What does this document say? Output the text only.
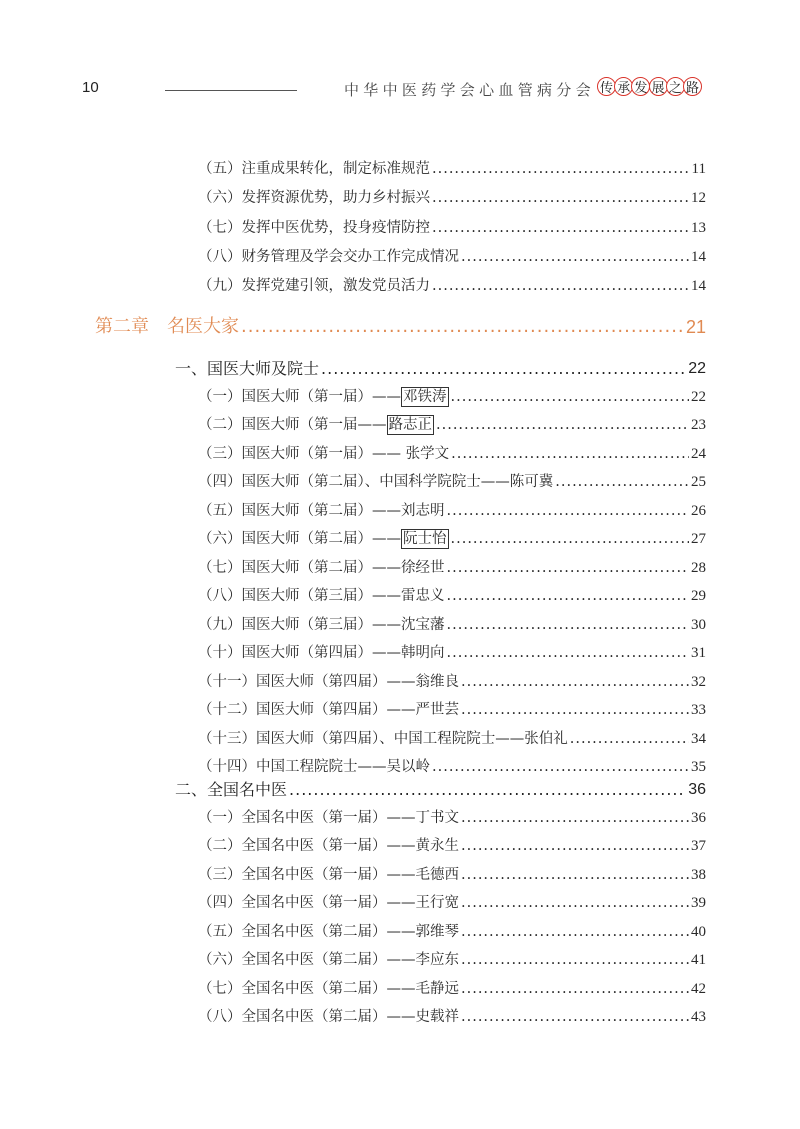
10	中华中医药学会心血管病分会 传 承 发 展 之 路
（五）注重成果转化，制定标准规范 .....	11
（六）发挥资源优势，助力乡村振兴 .....	12
（七）发挥中医优势，投身疫情防控 .....	13
（八）财务管理及学会交办工作完成情况 .....	14
（九）发挥党建引领，激发党员活力 .....	14
第二章　名医大家 .....	21
一、国医大师及院士 .....	22
（一）国医大师（第一届）—— 邓铁涛 .....	22
（二）国医大师（第一届—— 路志正 .....	23
（三）国医大师（第一届）—— 张学文 .....	24
（四）国医大师（第二届）、中国科学院院士——陈可冀 .....	25
（五）国医大师（第二届）——刘志明 .....	26
（六）国医大师（第二届）—— 阮士怡 .....	27
（七）国医大师（第二届）——徐经世 .....	28
（八）国医大师（第三届）——雷忠义 .....	29
（九）国医大师（第三届）——沈宝藩 .....	30
（十）国医大师（第四届）——韩明向 .....	31
（十一）国医大师（第四届）——翁维良 .....	32
（十二）国医大师（第四届）——严世芸 .....	33
（十三）国医大师（第四届）、中国工程院院士——张伯礼 .....	34
（十四）中国工程院院士——吴以岭 .....	35
二、全国名中医 .....	36
（一）全国名中医（第一届）——丁书文 .....	36
（二）全国名中医（第一届）——黄永生 .....	37
（三）全国名中医（第一届）——毛德西 .....	38
（四）全国名中医（第一届）——王行宽 .....	39
（五）全国名中医（第二届）——郭维琴 .....	40
（六）全国名中医（第二届）——李应东 .....	41
（七）全国名中医（第二届）——毛静远 .....	42
（八）全国名中医（第二届）——史载祥 .....	43
